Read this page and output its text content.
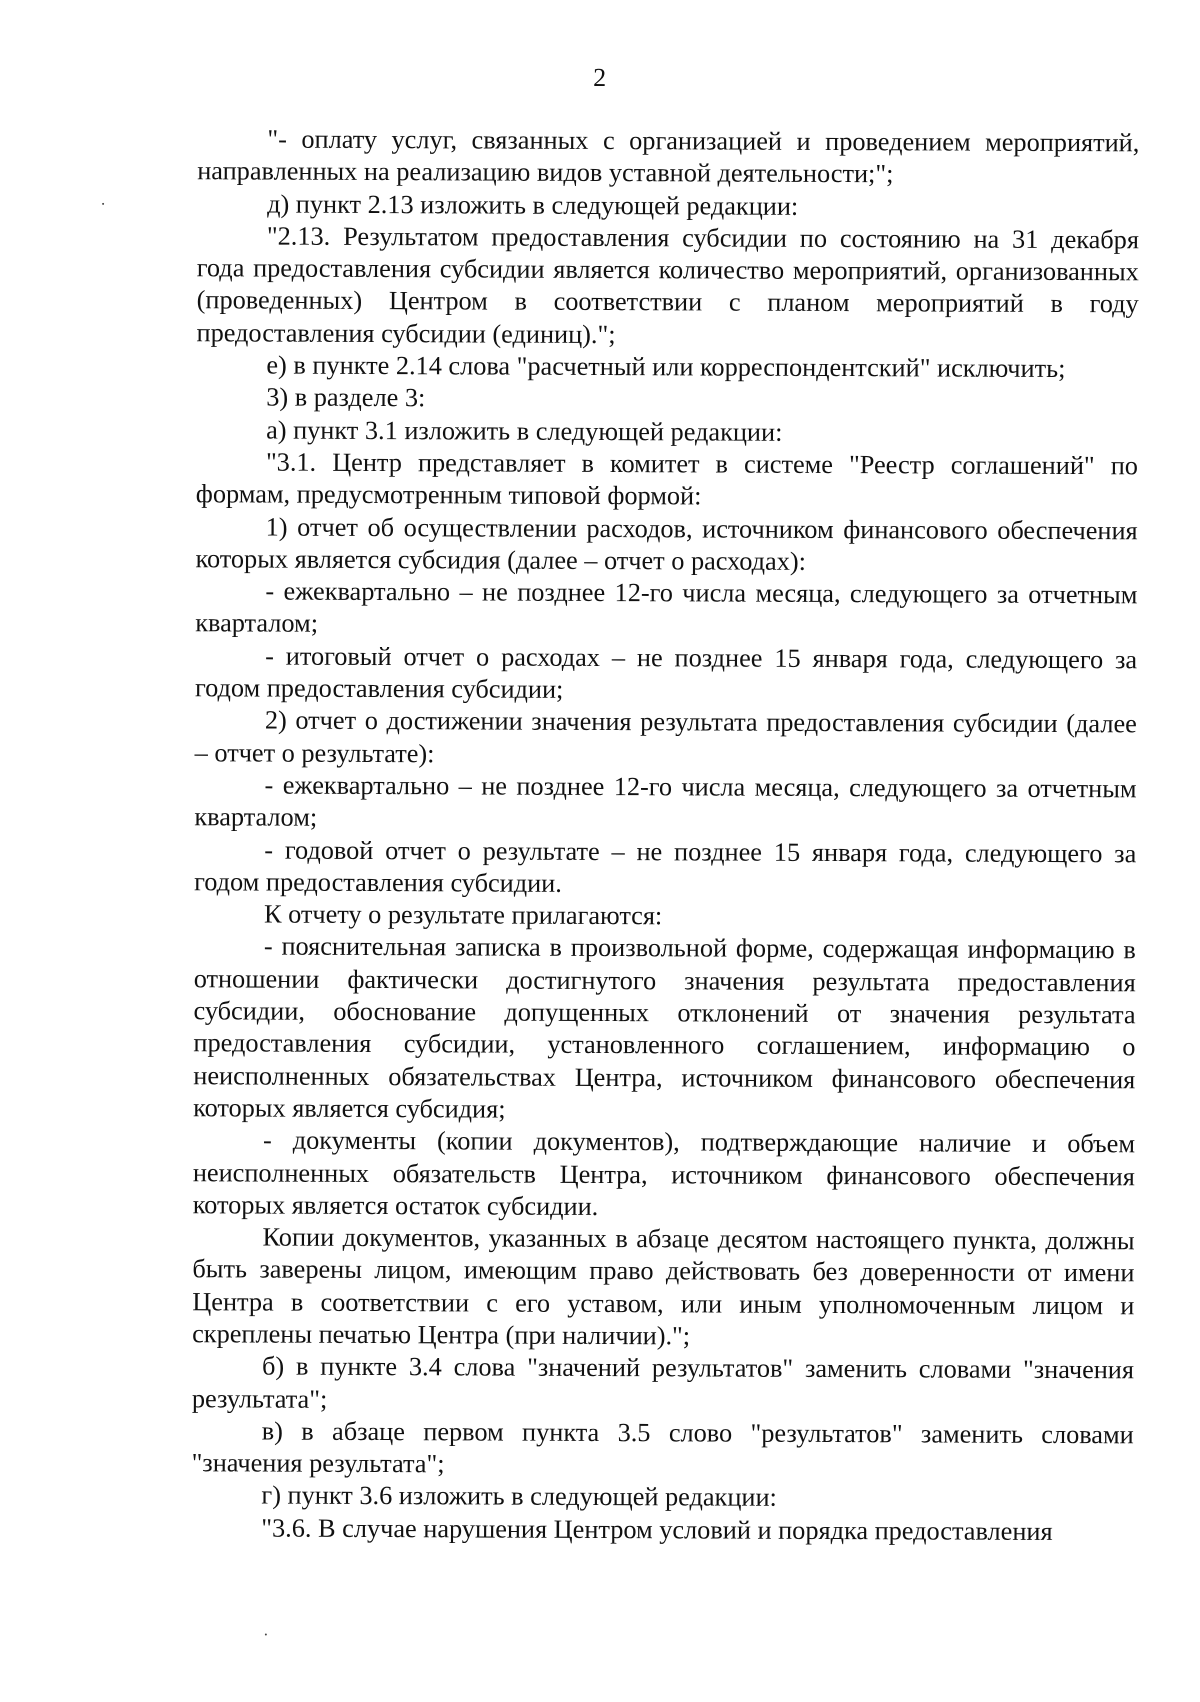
2

"- оплату услуг, связанных с организацией и проведением мероприятий, направленных на реализацию видов уставной деятельности;";

д) пункт 2.13 изложить в следующей редакции:

"2.13. Результатом предоставления субсидии по состоянию на 31 декабря года предоставления субсидии является количество мероприятий, организованных (проведенных) Центром в соответствии с планом мероприятий в году предоставления субсидии (единиц).";

е) в пункте 2.14 слова "расчетный или корреспондентский" исключить;

3) в разделе 3:

а) пункт 3.1 изложить в следующей редакции:

"3.1. Центр представляет в комитет в системе "Реестр соглашений" по формам, предусмотренным типовой формой:

1) отчет об осуществлении расходов, источником финансового обеспечения которых является субсидия (далее – отчет о расходах):

- ежеквартально – не позднее 12-го числа месяца, следующего за отчетным кварталом;

- итоговый отчет о расходах – не позднее 15 января года, следующего за годом предоставления субсидии;

2) отчет о достижении значения результата предоставления субсидии (далее – отчет о результате):

- ежеквартально – не позднее 12-го числа месяца, следующего за отчетным кварталом;

- годовой отчет о результате – не позднее 15 января года, следующего за годом предоставления субсидии.

К отчету о результате прилагаются:

- пояснительная записка в произвольной форме, содержащая информацию в отношении фактически достигнутого значения результата предоставления субсидии, обоснование допущенных отклонений от значения результата предоставления субсидии, установленного соглашением, информацию о неисполненных обязательствах Центра, источником финансового обеспечения которых является субсидия;

- документы (копии документов), подтверждающие наличие и объем неисполненных обязательств Центра, источником финансового обеспечения которых является остаток субсидии.

Копии документов, указанных в абзаце десятом настоящего пункта, должны быть заверены лицом, имеющим право действовать без доверенности от имени Центра в соответствии с его уставом, или иным уполномоченным лицом и скреплены печатью Центра (при наличии).";

б) в пункте 3.4 слова "значений результатов" заменить словами "значения результата";

в) в абзаце первом пункта 3.5 слово "результатов" заменить словами "значения результата";

г) пункт 3.6 изложить в следующей редакции:

"3.6. В случае нарушения Центром условий и порядка предоставления
